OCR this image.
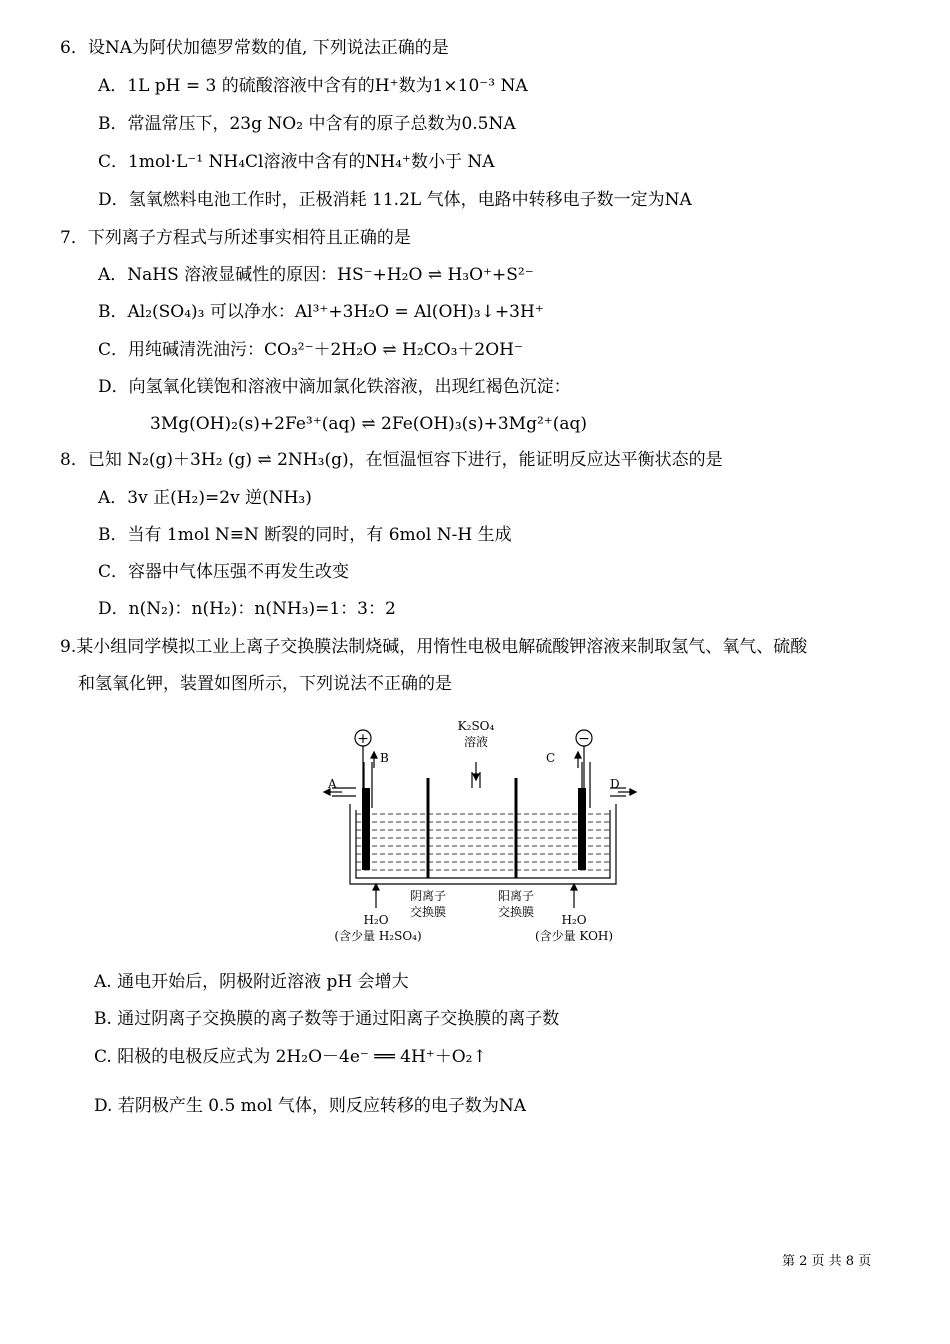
6．设NA为阿伏加德罗常数的值, 下列说法正确的是
A．1L pH = 3 的硫酸溶液中含有的H⁺数为1×10⁻³ NA
B．常温常压下，23g NO₂ 中含有的原子总数为0.5NA
C．1mol·L⁻¹ NH₄Cl溶液中含有的NH₄⁺数小于 NA
D．氢氧燃料电池工作时，正极消耗 11.2L 气体，电路中转移电子数一定为NA
7．下列离子方程式与所述事实相符且正确的是
A．NaHS 溶液显碱性的原因：HS⁻+H₂O ⇌ H₃O⁺+S²⁻
B．Al₂(SO₄)₃ 可以净水：Al³⁺+3H₂O = Al(OH)₃↓+3H⁺
C．用纯碱清洗油污：CO₃²⁻＋2H₂O ⇌ H₂CO₃＋2OH⁻
D．向氢氧化镁饱和溶液中滴加氯化铁溶液，出现红褐色沉淀：
3Mg(OH)₂(s)+2Fe³⁺(aq) ⇌ 2Fe(OH)₃(s)+3Mg²⁺(aq)
8．已知 N₂(g)＋3H₂ (g) ⇌ 2NH₃(g)，在恒温恒容下进行，能证明反应达平衡状态的是
A．3v 正(H₂)=2v 逆(NH₃)
B．当有 1mol N≡N 断裂的同时，有 6mol N-H 生成
C．容器中气体压强不再发生改变
D．n(N₂)：n(H₂)：n(NH₃)=1：3：2
9.某小组同学模拟工业上离子交换膜法制烧碱，用惰性电极电解硫酸钾溶液来制取氢气、氧气、硫酸
和氢氧化钾，装置如图所示，下列说法不正确的是
+	−
A
B	C
D
K₂SO₄
溶液
阴离子
交换膜
阳离子
交换膜
H₂O
(含少量 H₂SO₄)
H₂O
(含少量 KOH)
A. 通电开始后，阴极附近溶液 pH 会增大
B. 通过阴离子交换膜的离子数等于通过阳离子交换膜的离子数
C. 阳极的电极反应式为 2H₂O－4e⁻ ══ 4H⁺＋O₂↑
D. 若阴极产生 0.5 mol 气体，则反应转移的电子数为NA
第 2 页 共 8 页
